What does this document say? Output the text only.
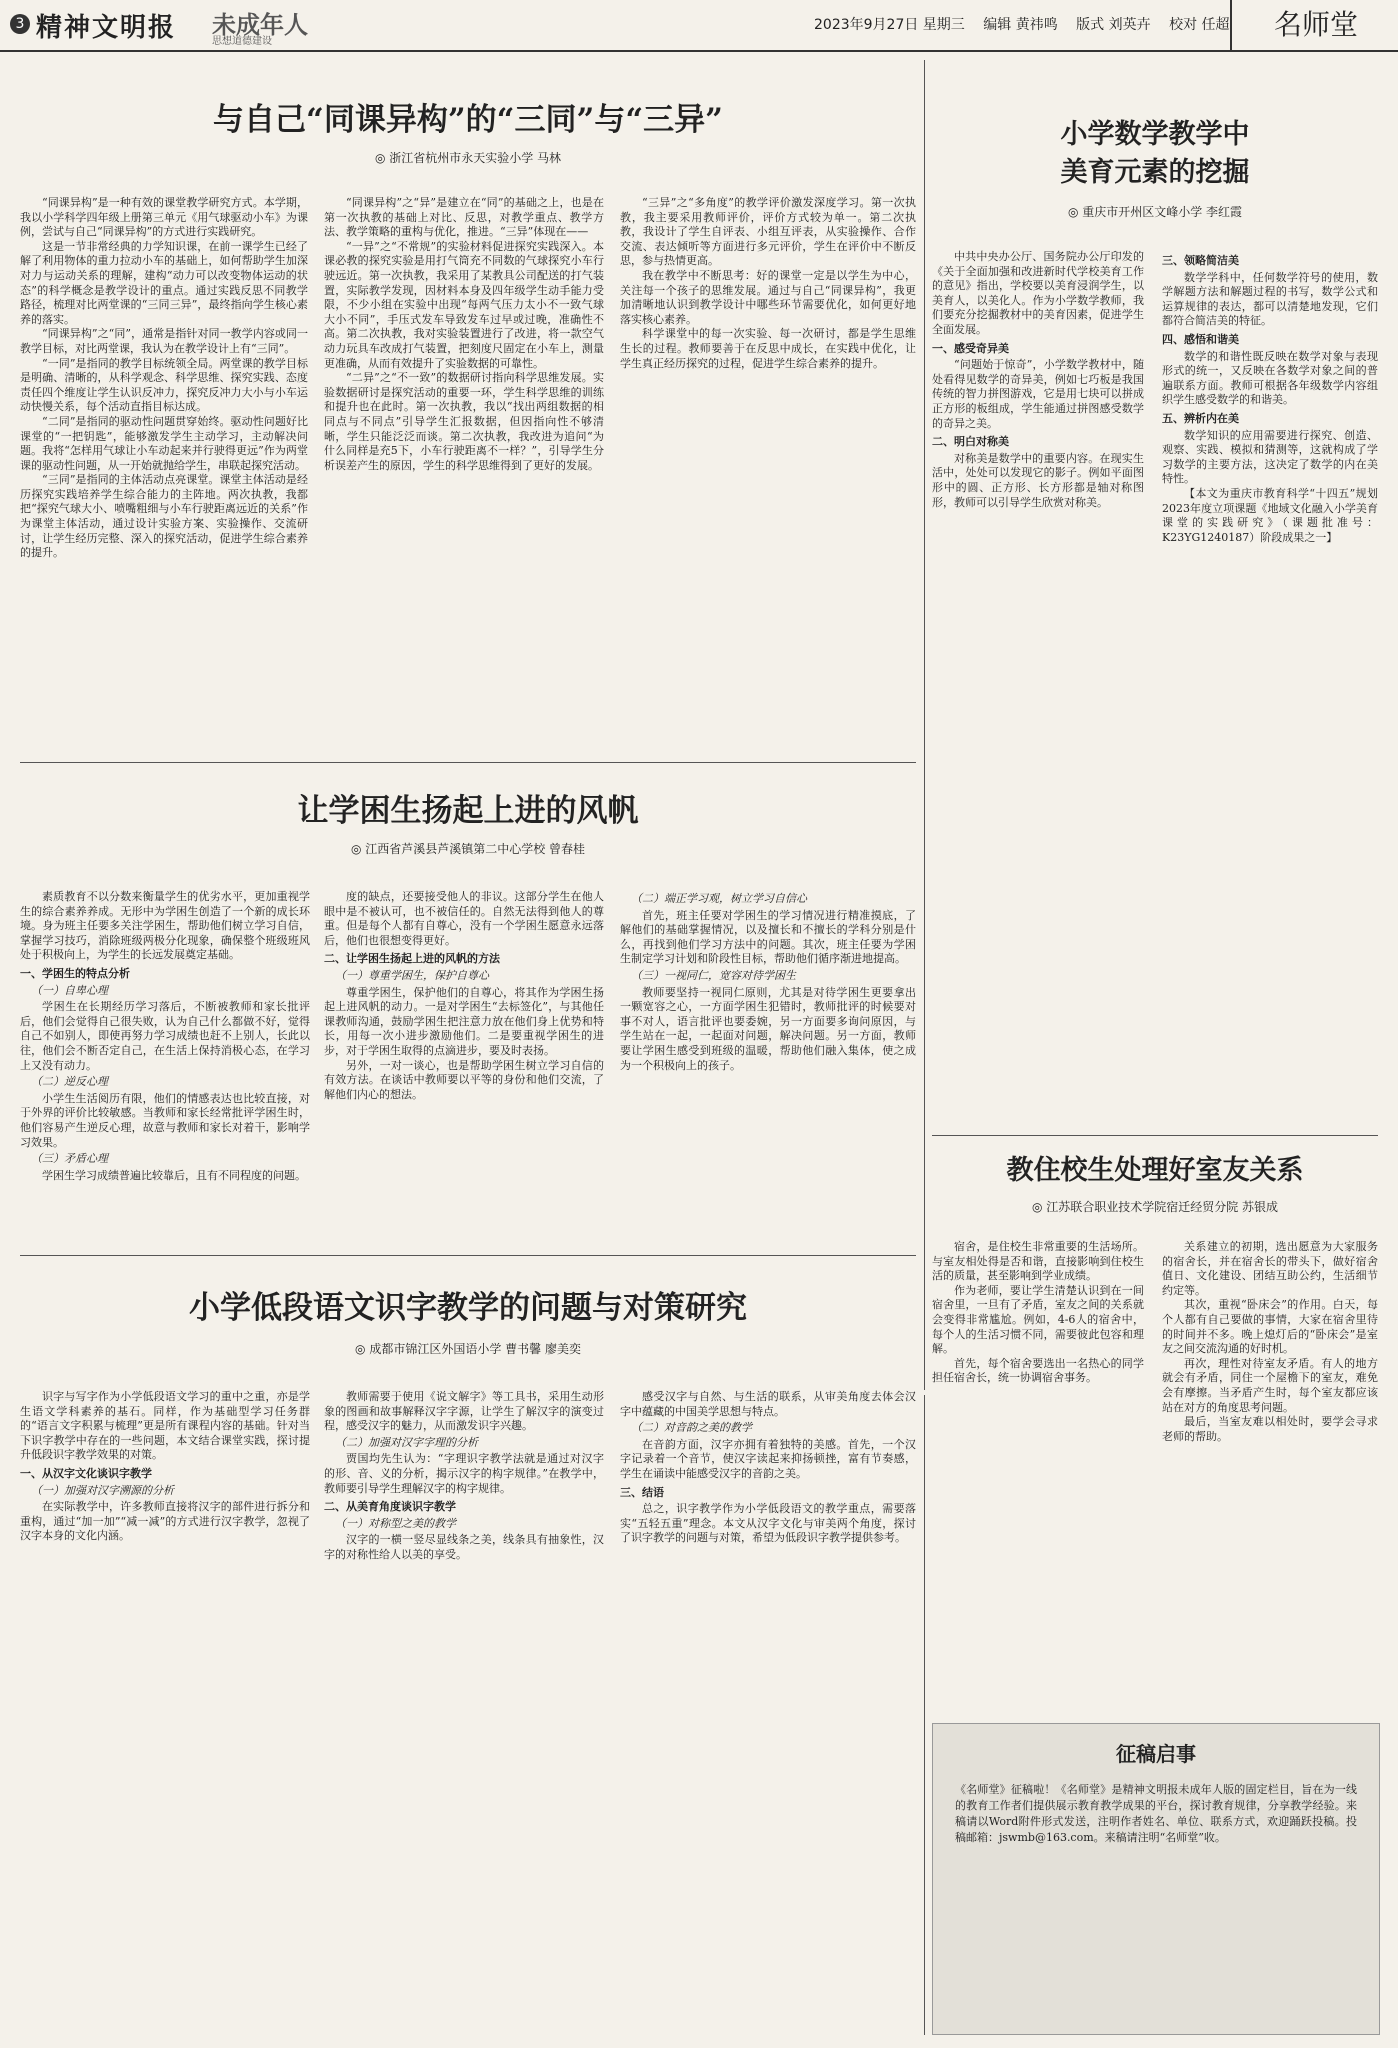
3 精神文明报 未成年人
思想道德建设
2023年9月27日 星期三 编辑 黄祎鸣 版式 刘英卉 校对 任超	名师堂
与自己“同课异构”的“三同”与“三异”
◎ 浙江省杭州市永天实验小学 马林

“同课异构”是一种有效的课堂教学研究方式。本学期，我以小学科学四年级上册第三单元《用气球驱动小车》为课例，尝试与自己“同课异构”的方式进行实践研究。

这是一节非常经典的力学知识课，在前一课学生已经了解了利用物体的重力拉动小车的基础上，如何帮助学生加深对力与运动关系的理解，建构“动力可以改变物体运动的状态”的科学概念是教学设计的重点。通过实践反思不同教学路径，梳理对比两堂课的“三同三异”，最终指向学生核心素养的落实。

“同课异构”之“同”，通常是指针对同一教学内容或同一教学目标，对比两堂课，我认为在教学设计上有“三同”。

“一同”是指同的教学目标统领全局。两堂课的教学目标是明确、清晰的，从科学观念、科学思维、探究实践、态度责任四个维度让学生认识反冲力，探究反冲力大小与小车运动快慢关系，每个活动直指目标达成。

“二同”是指同的驱动性问题贯穿始终。驱动性问题好比课堂的“一把钥匙”，能够激发学生主动学习，主动解决问题。我将“怎样用气球让小车动起来并行驶得更远”作为两堂课的驱动性问题，从一开始就抛给学生，串联起探究活动。

“三同”是指同的主体活动点亮课堂。课堂主体活动是经历探究实践培养学生综合能力的主阵地。两次执教，我都把“探究气球大小、喷嘴粗细与小车行驶距离远近的关系”作为课堂主体活动，通过设计实验方案、实验操作、交流研讨，让学生经历完整、深入的探究活动，促进学生综合素养的提升。

“同课异构”之“异”是建立在“同”的基础之上，也是在第一次执教的基础上对比、反思，对教学重点、教学方法、教学策略的重构与优化，推进。“三异”体现在——

“一异”之“不常规”的实验材料促进探究实践深入。本课必教的探究实验是用打气筒充不同数的气球探究小车行驶远近。第一次执教，我采用了某教具公司配送的打气装置，实际教学发现，因材料本身及四年级学生动手能力受限，不少小组在实验中出现“每两气压力太小不一致气球大小不同”，手压式发车导致发车过早或过晚，准确性不高。第二次执教，我对实验装置进行了改进，将一款空气动力玩具车改成打气装置，把刻度尺固定在小车上，测量更准确，从而有效提升了实验数据的可靠性。

“二异”之“不一致”的数据研讨指向科学思维发展。实验数据研讨是探究活动的重要一环，学生科学思维的训练和提升也在此时。第一次执教，我以“找出两组数据的相同点与不同点”引导学生汇报数据，但因指向性不够清晰，学生只能泛泛而谈。第二次执教，我改进为追问“为什么同样是充5下，小车行驶距离不一样？”，引导学生分析误差产生的原因，学生的科学思维得到了更好的发展。

“三异”之“多角度”的教学评价激发深度学习。第一次执教，我主要采用教师评价，评价方式较为单一。第二次执教，我设计了学生自评表、小组互评表，从实验操作、合作交流、表达倾听等方面进行多元评价，学生在评价中不断反思，参与热情更高。

我在教学中不断思考：好的课堂一定是以学生为中心，关注每一个孩子的思维发展。通过与自己“同课异构”，我更加清晰地认识到教学设计中哪些环节需要优化，如何更好地落实核心素养。

科学课堂中的每一次实验、每一次研讨，都是学生思维生长的过程。教师要善于在反思中成长，在实践中优化，让学生真正经历探究的过程，促进学生综合素养的提升。

让学困生扬起上进的风帆
◎ 江西省芦溪县芦溪镇第二中心学校 曾春桂

素质教育不以分数来衡量学生的优劣水平，更加重视学生的综合素养养成。无形中为学困生创造了一个新的成长环境。身为班主任要多关注学困生，帮助他们树立学习自信，掌握学习技巧，消除班级两极分化现象，确保整个班级班风处于积极向上，为学生的长远发展奠定基础。

一、学困生的特点分析

（一）自卑心理

学困生在长期经历学习落后，不断被教师和家长批评后，他们会觉得自己很失败，认为自己什么都做不好，觉得自己不如别人，即使再努力学习成绩也赶不上别人，长此以往，他们会不断否定自己，在生活上保持消极心态，在学习上又没有动力。

（二）逆反心理

小学生生活阅历有限，他们的情感表达也比较直接，对于外界的评价比较敏感。当教师和家长经常批评学困生时，他们容易产生逆反心理，故意与教师和家长对着干，影响学习效果。

（三）矛盾心理

学困生学习成绩普遍比较靠后，且有不同程度的问题。

度的缺点，还要接受他人的非议。这部分学生在他人眼中是不被认可，也不被信任的。自然无法得到他人的尊重。但是每个人都有自尊心，没有一个学困生愿意永远落后，他们也很想变得更好。

二、让学困生扬起上进的风帆的方法

（一）尊重学困生，保护自尊心

尊重学困生，保护他们的自尊心，将其作为学困生扬起上进风帆的动力。一是对学困生“去标签化”，与其他任课教师沟通，鼓励学困生把注意力放在他们身上优势和特长，用每一次小进步激励他们。二是要重视学困生的进步，对于学困生取得的点滴进步，要及时表扬。

另外，一对一谈心，也是帮助学困生树立学习自信的有效方法。在谈话中教师要以平等的身份和他们交流，了解他们内心的想法。

（二）端正学习观，树立学习自信心

首先，班主任要对学困生的学习情况进行精准摸底，了解他们的基础掌握情况，以及擅长和不擅长的学科分别是什么，再找到他们学习方法中的问题。其次，班主任要为学困生制定学习计划和阶段性目标，帮助他们循序渐进地提高。

（三）一视同仁，宽容对待学困生

教师要坚持一视同仁原则，尤其是对待学困生更要拿出一颗宽容之心，一方面学困生犯错时，教师批评的时候要对事不对人，语言批评也要委婉，另一方面要多询问原因，与学生站在一起，一起面对问题，解决问题。另一方面，教师要让学困生感受到班级的温暖，帮助他们融入集体，使之成为一个积极向上的孩子。

小学低段语文识字教学的问题与对策研究
◎ 成都市锦江区外国语小学 曹书馨 廖美奕

识字与写字作为小学低段语文学习的重中之重，亦是学生语文学科素养的基石。同样，作为基础型学习任务群的“语言文字积累与梳理”更是所有课程内容的基础。针对当下识字教学中存在的一些问题，本文结合课堂实践，探讨提升低段识字教学效果的对策。

一、从汉字文化谈识字教学

（一）加强对汉字溯源的分析

在实际教学中，许多教师直接将汉字的部件进行拆分和重构，通过“加一加”“减一减”的方式进行汉字教学，忽视了汉字本身的文化内涵。

教师需要于使用《说文解字》等工具书，采用生动形象的图画和故事解释汉字字源，让学生了解汉字的演变过程，感受汉字的魅力，从而激发识字兴趣。

（二）加强对汉字字理的分析

贾国均先生认为：“字理识字教学法就是通过对汉字的形、音、义的分析，揭示汉字的构字规律。”在教学中，教师要引导学生理解汉字的构字规律。

二、从美育角度谈识字教学

（一）对称型之美的教学

汉字的一横一竖尽显线条之美，线条具有抽象性，汉字的对称性给人以美的享受。

感受汉字与自然、与生活的联系，从审美角度去体会汉字中蕴藏的中国美学思想与特点。

（二）对音韵之美的教学

在音韵方面，汉字亦拥有着独特的美感。首先，一个汉字记录着一个音节，使汉字读起来抑扬顿挫，富有节奏感，学生在诵读中能感受汉字的音韵之美。

三、结语

总之，识字教学作为小学低段语文的教学重点，需要落实“五轻五重”理念。本文从汉字文化与审美两个角度，探讨了识字教学的问题与对策，希望为低段识字教学提供参考。

小学数学教学中
美育元素的挖掘
◎ 重庆市开州区文峰小学 李红霞

中共中央办公厅、国务院办公厅印发的《关于全面加强和改进新时代学校美育工作的意见》指出，学校要以美育浸润学生，以美育人，以美化人。作为小学数学教师，我们要充分挖掘教材中的美育因素，促进学生全面发展。

一、感受奇异美

“问题始于惊奇”，小学数学教材中，随处看得见数学的奇异美，例如七巧板是我国传统的智力拼图游戏，它是用七块可以拼成正方形的板组成，学生能通过拼图感受数学的奇异之美。

二、明白对称美

对称美是数学中的重要内容。在现实生活中，处处可以发现它的影子。例如平面图形中的圆、正方形、长方形都是轴对称图形，教师可以引导学生欣赏对称美。

三、领略简洁美

数学学科中，任何数学符号的使用，数学解题方法和解题过程的书写，数学公式和运算规律的表达，都可以清楚地发现，它们都符合简洁美的特征。

四、感悟和谐美

数学的和谐性既反映在数学对象与表现形式的统一，又反映在各数学对象之间的普遍联系方面。教师可根据各年级数学内容组织学生感受数学的和谐美。

五、辨析内在美

数学知识的应用需要进行探究、创造、观察、实践、模拟和猜测等，这就构成了学习数学的主要方法，这决定了数学的内在美特性。

【本文为重庆市教育科学“十四五”规划2023年度立项课题《地域文化融入小学美育课堂的实践研究》（课题批准号：K23YG1240187）阶段成果之一】

教住校生处理好室友关系
◎ 江苏联合职业技术学院宿迁经贸分院 苏银成

宿舍，是住校生非常重要的生活场所。与室友相处得是否和谐，直接影响到住校生活的质量，甚至影响到学业成绩。

作为老师，要让学生清楚认识到在一间宿舍里，一旦有了矛盾，室友之间的关系就会变得非常尴尬。例如，4-6人的宿舍中，每个人的生活习惯不同，需要彼此包容和理解。

首先，每个宿舍要选出一名热心的同学担任宿舍长，统一协调宿舍事务。

关系建立的初期，选出愿意为大家服务的宿舍长，并在宿舍长的带头下，做好宿舍值日、文化建设、团结互助公约，生活细节约定等。

其次，重视“卧床会”的作用。白天，每个人都有自己要做的事情，大家在宿舍里待的时间并不多。晚上熄灯后的“卧床会”是室友之间交流沟通的好时机。

再次，理性对待室友矛盾。有人的地方就会有矛盾，同住一个屋檐下的室友，难免会有摩擦。当矛盾产生时，每个室友都应该站在对方的角度思考问题。

最后，当室友难以相处时，要学会寻求老师的帮助。

征稿启事
《名师堂》征稿啦！《名师堂》是精神文明报未成年人版的固定栏目，旨在为一线的教育工作者们提供展示教育教学成果的平台，探讨教育规律，分享教学经验。来稿请以Word附件形式发送，注明作者姓名、单位、联系方式，欢迎踊跃投稿。投稿邮箱：jswmb@163.com。来稿请注明“名师堂”收。
